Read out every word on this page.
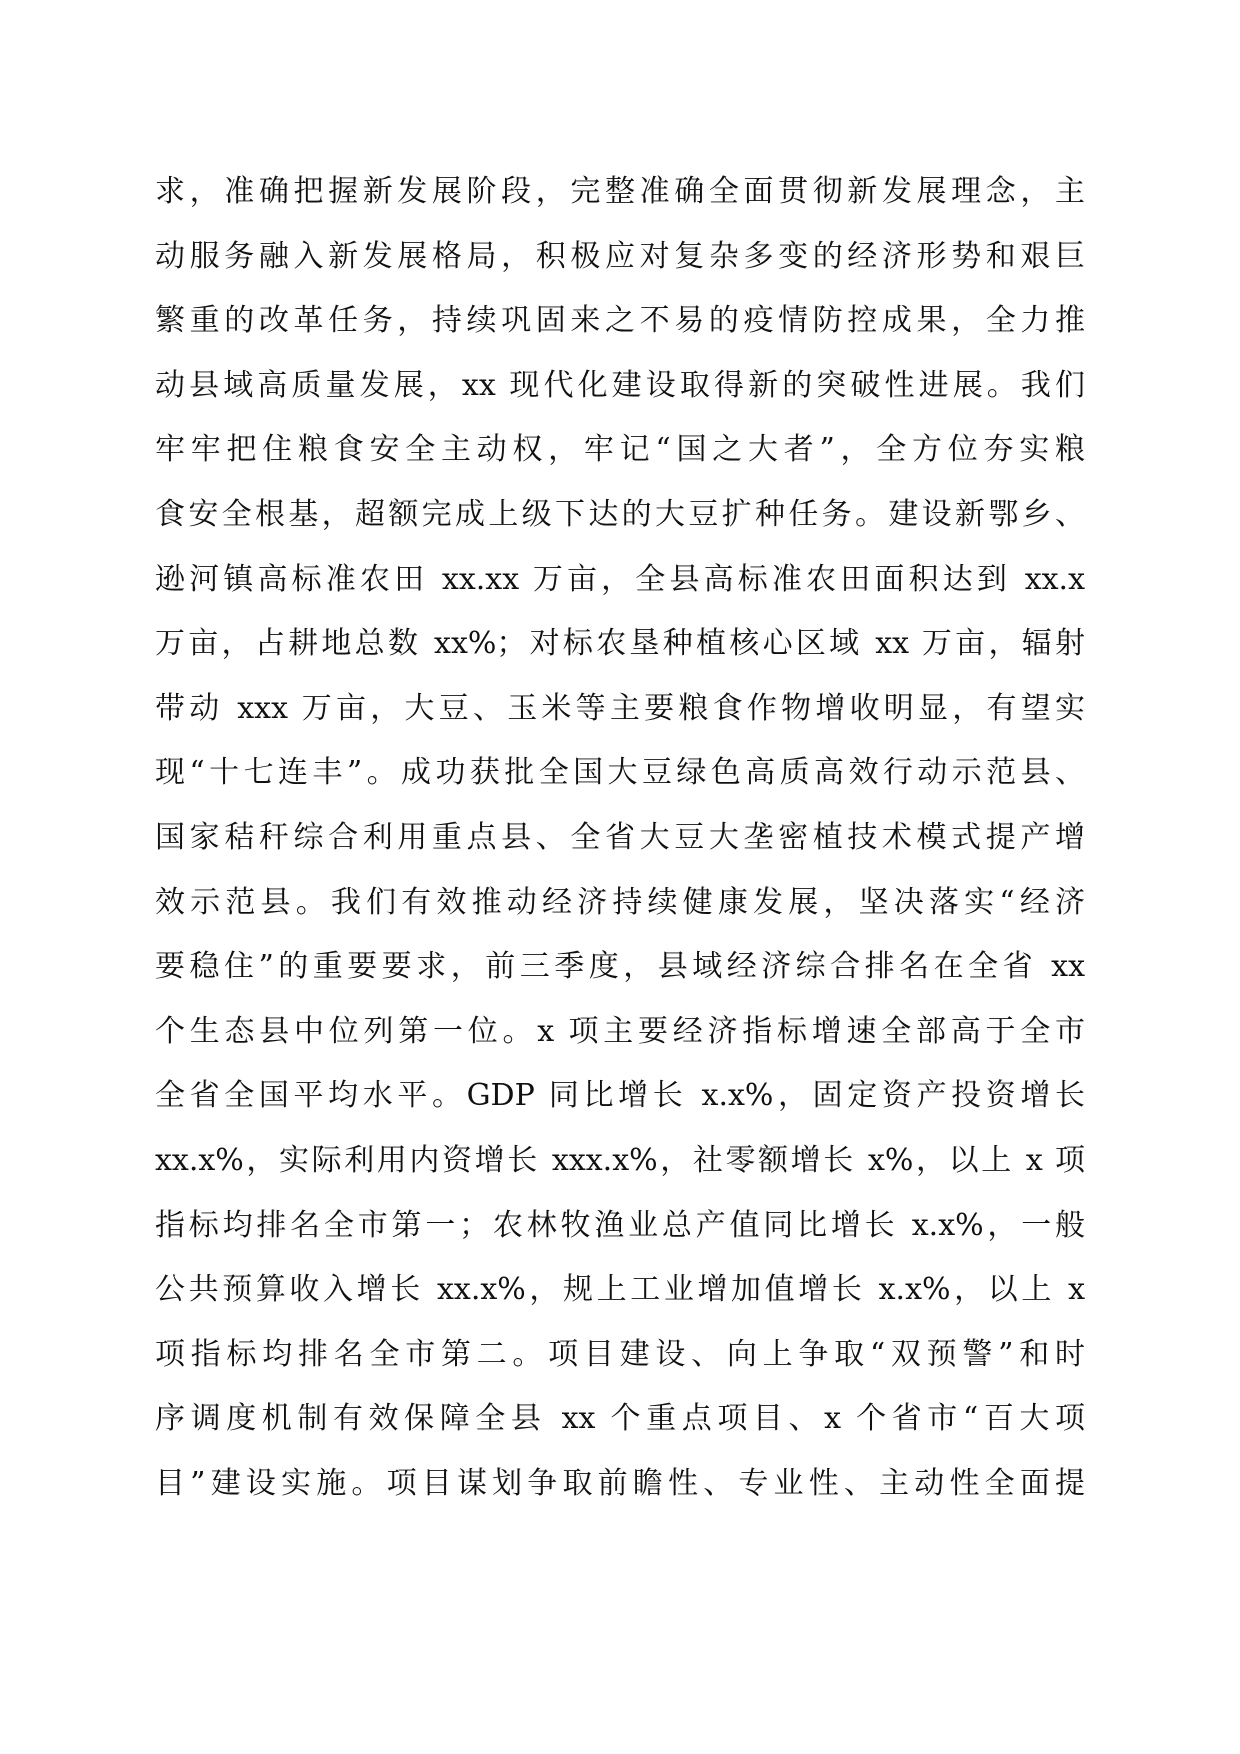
求，准确把握新发展阶段，完整准确全面贯彻新发展理念，主
动服务融入新发展格局，积极应对复杂多变的经济形势和艰巨
繁重的改革任务，持续巩固来之不易的疫情防控成果，全力推
动县域高质量发展，xx 现代化建设取得新的突破性进展。我们
牢牢把住粮食安全主动权，牢记“国之大者”，全方位夯实粮
食安全根基，超额完成上级下达的大豆扩种任务。建设新鄂乡、
逊河镇高标准农田 xx.xx 万亩，全县高标准农田面积达到 xx.x
万亩，占耕地总数 xx%；对标农垦种植核心区域 xx 万亩，辐射
带动 xxx 万亩，大豆、玉米等主要粮食作物增收明显，有望实
现“十七连丰”。成功获批全国大豆绿色高质高效行动示范县、
国家秸秆综合利用重点县、全省大豆大垄密植技术模式提产增
效示范县。我们有效推动经济持续健康发展，坚决落实“经济
要稳住”的重要要求，前三季度，县域经济综合排名在全省 xx
个生态县中位列第一位。x 项主要经济指标增速全部高于全市
全省全国平均水平。GDP 同比增长 x.x%，固定资产投资增长
xx.x%，实际利用内资增长 xxx.x%，社零额增长 x%，以上 x 项
指标均排名全市第一；农林牧渔业总产值同比增长 x.x%，一般
公共预算收入增长 xx.x%，规上工业增加值增长 x.x%，以上 x
项指标均排名全市第二。项目建设、向上争取“双预警”和时
序调度机制有效保障全县 xx 个重点项目、x 个省市“百大项
目”建设实施。项目谋划争取前瞻性、专业性、主动性全面提
